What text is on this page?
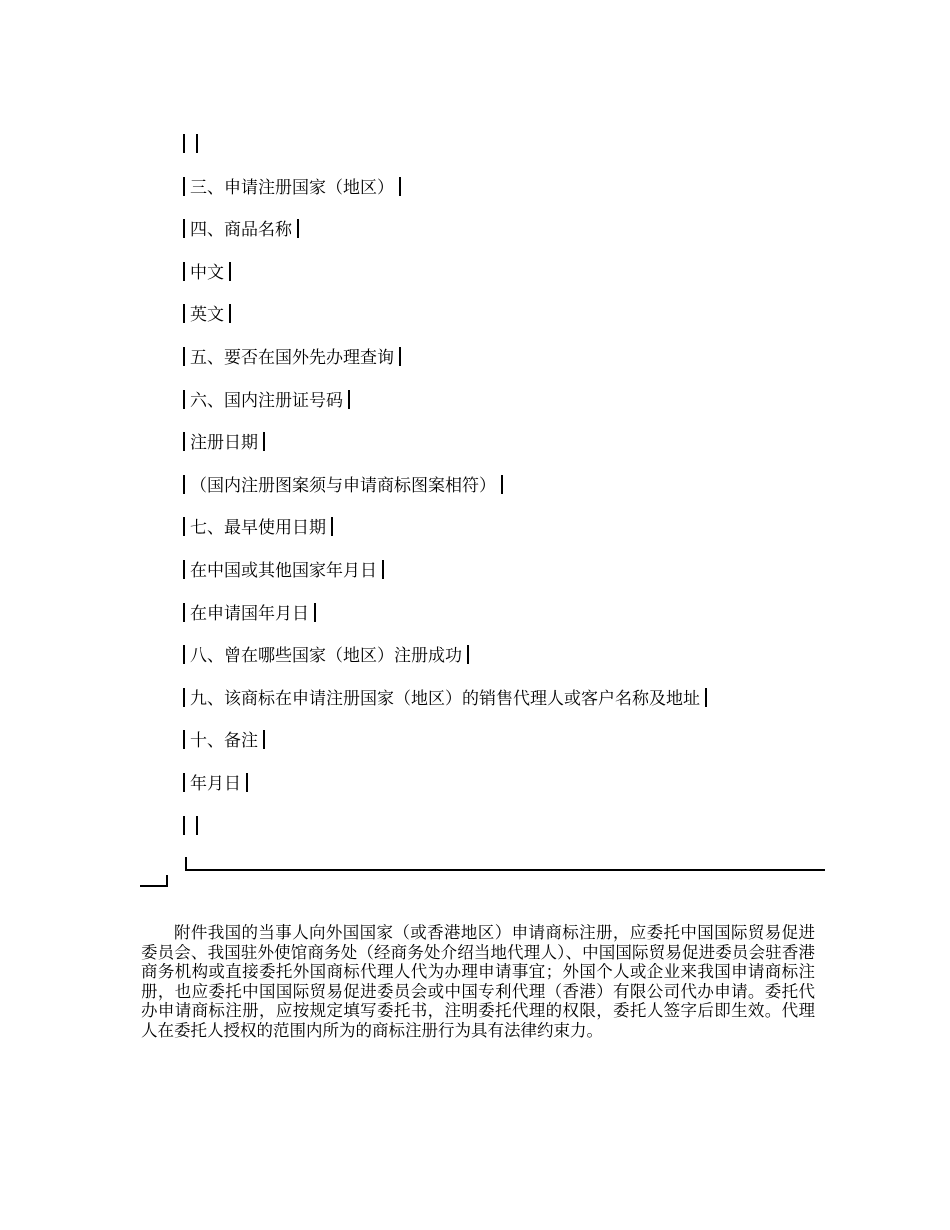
三、申请注册国家（地区）
四、商品名称
中文
英文
五、要否在国外先办理查询
六、国内注册证号码
注册日期
（国内注册图案须与申请商标图案相符）
七、最早使用日期
在中国或其他国家年月日
在申请国年月日
八、曾在哪些国家（地区）注册成功
九、该商标在申请注册国家（地区）的销售代理人或客户名称及地址
十、备注
年月日

附件我国的当事人向外国国家（或香港地区）申请商标注册，应委托中国国际贸易促进委员会、我国驻外使馆商务处（经商务处介绍当地代理人）、中国国际贸易促进委员会驻香港商务机构或直接委托外国商标代理人代为办理申请事宜；外国个人或企业来我国申请商标注册，也应委托中国国际贸易促进委员会或中国专利代理（香港）有限公司代办申请。委托代办申请商标注册，应按规定填写委托书，注明委托代理的权限，委托人签字后即生效。代理人在委托人授权的范围内所为的商标注册行为具有法律约束力。
